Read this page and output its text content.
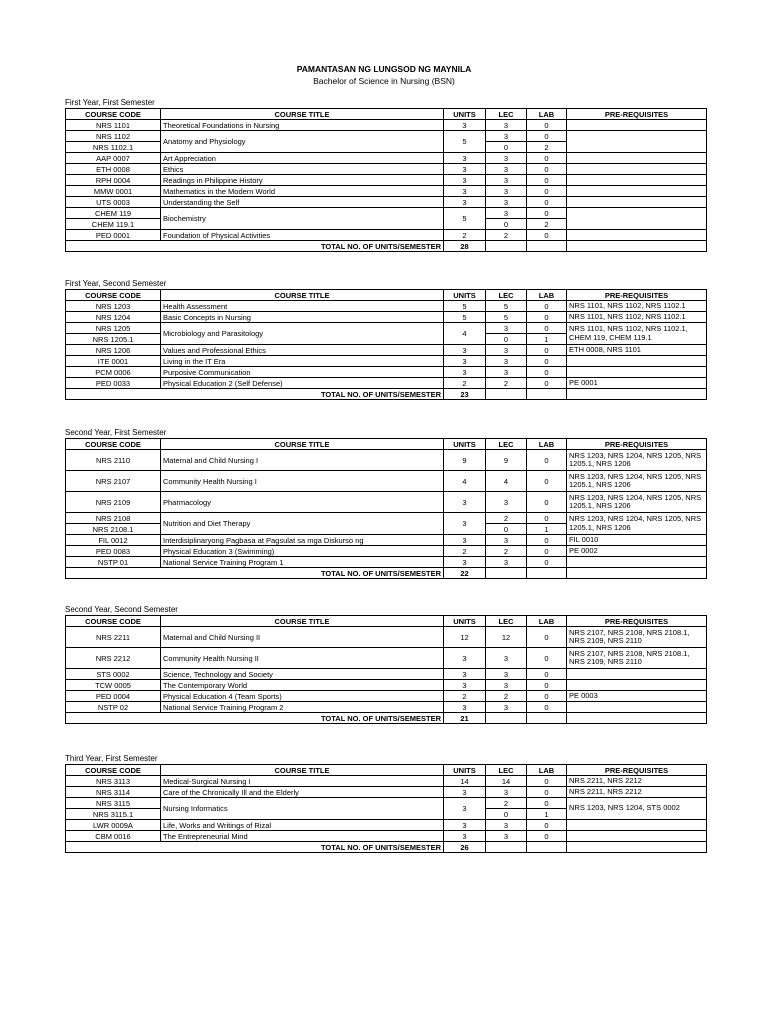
PAMANTASAN NG LUNGSOD NG MAYNILA
Bachelor of Science in Nursing (BSN)
First Year, First Semester
COURSE CODE	COURSE TITLE	UNITS	LEC	LAB	PRE-REQUISITES
NRS 1101	Theoretical Foundations in Nursing	3	3	0	
NRS 1102	Anatomy and Physiology	5	3	0	
NRS 1102.1			0	2	
AAP 0007	Art Appreciation	3	3	0	
ETH 0008	Ethics	3	3	0	
RPH 0004	Readings in Philippine History	3	3	0	
MMW 0001	Mathematics in the Modern World	3	3	0	
UTS 0003	Understanding the Self	3	3	0	
CHEM 119	Biochemistry	5	3	0	
CHEM 119.1			0	2	
PED 0001	Foundation of Physical Activities	2	2	0	
	TOTAL NO. OF UNITS/SEMESTER	28			
First Year, Second Semester
COURSE CODE	COURSE TITLE	UNITS	LEC	LAB	PRE-REQUISITES
NRS 1203	Health Assessment	5	5	0	NRS 1101, NRS 1102, NRS 1102.1
NRS 1204	Basic Concepts in Nursing	5	5	0	NRS 1101, NRS 1102, NRS 1102.1
NRS 1205	Microbiology and Parasitology	4	3	0	NRS 1101, NRS 1102, NRS 1102.1, CHEM 119, CHEM 119.1
NRS 1205.1			0	1	
NRS 1206	Values and Professional Ethics	3	3	0	ETH 0008, NRS 1101
ITE 0001	Living in the IT Era	3	3	0	
PCM 0006	Purposive Communication	3	3	0	
PED 0033	Physical Education 2 (Self Defense)	2	2	0	PE 0001
	TOTAL NO. OF UNITS/SEMESTER	23			
Second Year, First Semester
COURSE CODE	COURSE TITLE	UNITS	LEC	LAB	PRE-REQUISITES
NRS 2110	Maternal and Child Nursing I	9	9	0	NRS 1203, NRS 1204, NRS 1205, NRS 1205.1, NRS 1206
NRS 2107	Community Health Nursing I	4	4	0	NRS 1203, NRS 1204, NRS 1205, NRS 1205.1, NRS 1206
NRS 2109	Pharmacology	3	3	0	NRS 1203, NRS 1204, NRS 1205, NRS 1205.1, NRS 1206
NRS 2108	Nutrition and Diet Therapy	3	2	0	NRS 1203, NRS 1204, NRS 1205, NRS 1205.1, NRS 1206
NRS 2108.1			0	1	
FIL 0012	Interdisiplinaryong Pagbasa at Pagsulat sa mga Diskurso ng	3	3	0	FIL 0010
PED 0083	Physical Education 3 (Swimming)	2	2	0	PE 0002
NSTP 01	National Service Training Program 1	3	3	0	
	TOTAL NO. OF UNITS/SEMESTER	22			
Second Year, Second Semester
COURSE CODE	COURSE TITLE	UNITS	LEC	LAB	PRE-REQUISITES
NRS 2211	Maternal and Child Nursing II	12	12	0	NRS 2107, NRS 2108, NRS 2108.1, NRS 2109, NRS 2110
NRS 2212	Community Health Nursing II	3	3	0	NRS 2107, NRS 2108, NRS 2108.1, NRS 2109, NRS 2110
STS 0002	Science, Technology and Society	3	3	0	
TCW 0005	The Contemporary World	3	3	0	
PED 0004	Physical Education 4 (Team Sports)	2	2	0	PE 0003
NSTP 02	National Service Training Program 2	3	3	0	
	TOTAL NO. OF UNITS/SEMESTER	21			
Third Year, First Semester
COURSE CODE	COURSE TITLE	UNITS	LEC	LAB	PRE-REQUISITES
NRS 3113	Medical-Surgical Nursing I	14	14	0	NRS 2211, NRS 2212
NRS 3114	Care of the Chronically Ill and the Elderly	3	3	0	NRS 2211, NRS 2212
NRS 3115	Nursing Informatics	3	2	0	NRS 1203, NRS 1204, STS 0002
NRS 3115.1			0	1	
LWR 0009A	Life, Works and Writings of Rizal	3	3	0	
CBM 0016	The Entrepreneurial Mind	3	3	0	
	TOTAL NO. OF UNITS/SEMESTER	26			
